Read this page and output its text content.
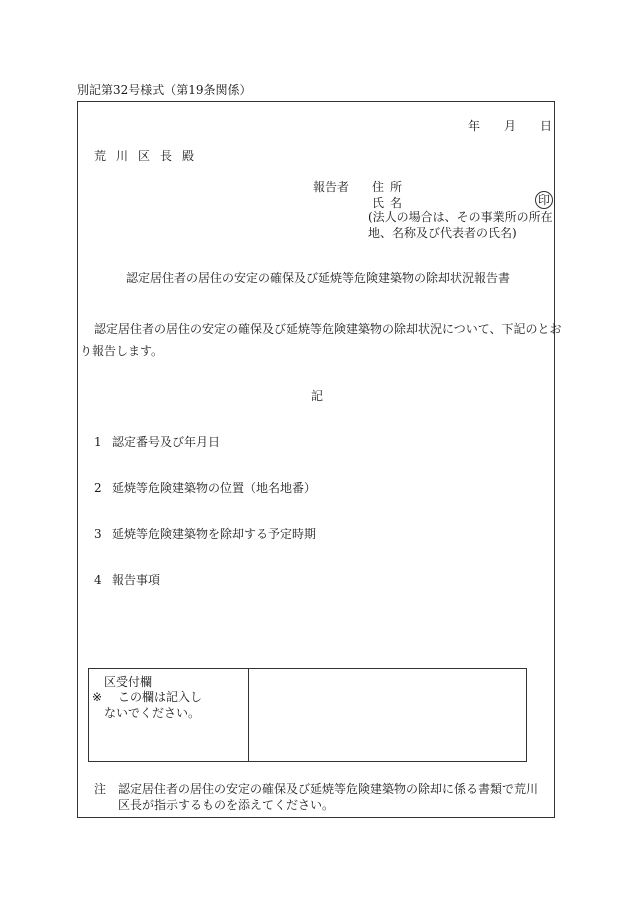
別記第32号様式（第19条関係）
年 月 日
荒川区長殿
報告者 住所
氏名	印
(法人の場合は、その事業所の所在
地、名称及び代表者の氏名)
認定居住者の居住の安定の確保及び延焼等危険建築物の除却状況報告書
認定居住者の居住の安定の確保及び延焼等危険建築物の除却状況について、下記のとお
り報告します。
記
1 認定番号及び年月日
2 延焼等危険建築物の位置（地名地番）
3 延焼等危険建築物を除却する予定時期
4 報告事項
区受付欄
※ この欄は記入し
ないでください。
注 認定居住者の居住の安定の確保及び延焼等危険建築物の除却に係る書類で荒川
区長が指示するものを添えてください。
